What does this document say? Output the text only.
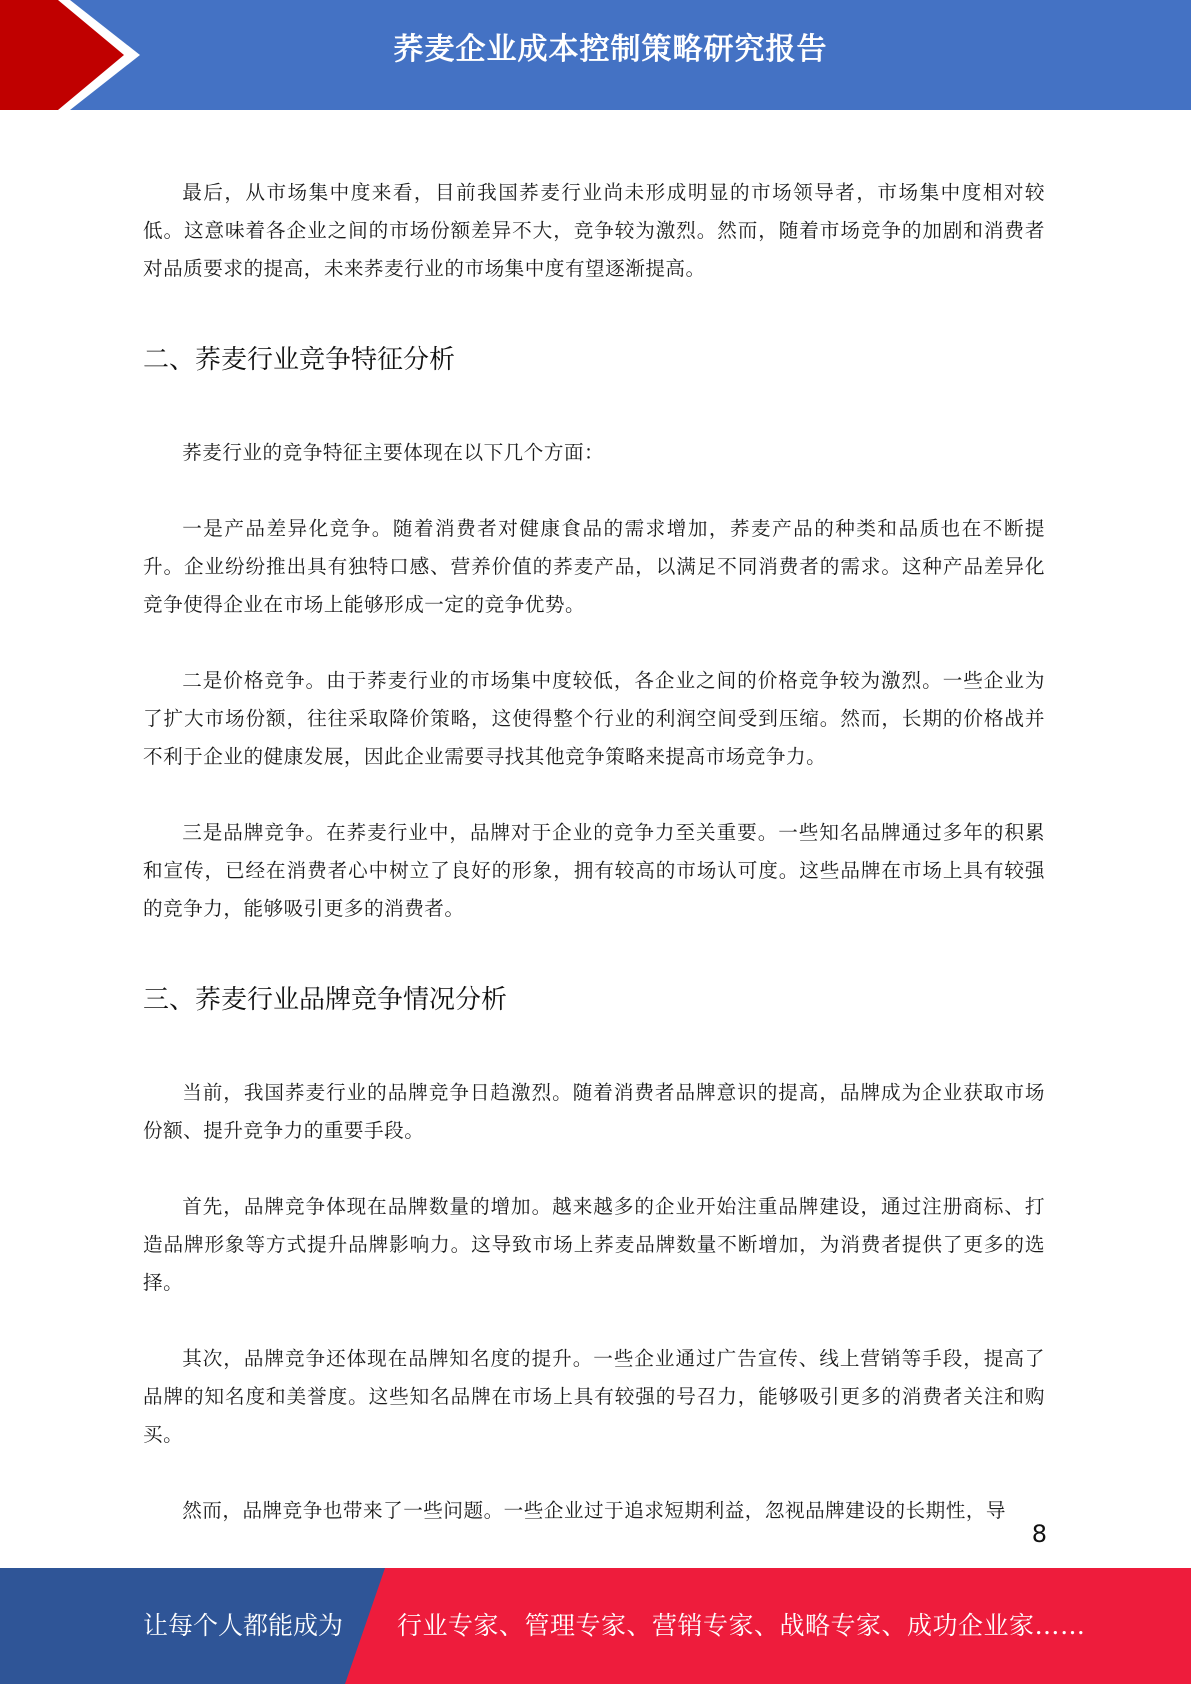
荞麦企业成本控制策略研究报告

最后，从市场集中度来看，目前我国荞麦行业尚未形成明显的市场领导者，市场集中度相对较低。这意味着各企业之间的市场份额差异不大，竞争较为激烈。然而，随着市场竞争的加剧和消费者对品质要求的提高，未来荞麦行业的市场集中度有望逐渐提高。

二、荞麦行业竞争特征分析

荞麦行业的竞争特征主要体现在以下几个方面：

一是产品差异化竞争。随着消费者对健康食品的需求增加，荞麦产品的种类和品质也在不断提升。企业纷纷推出具有独特口感、营养价值的荞麦产品，以满足不同消费者的需求。这种产品差异化竞争使得企业在市场上能够形成一定的竞争优势。

二是价格竞争。由于荞麦行业的市场集中度较低，各企业之间的价格竞争较为激烈。一些企业为了扩大市场份额，往往采取降价策略，这使得整个行业的利润空间受到压缩。然而，长期的价格战并不利于企业的健康发展，因此企业需要寻找其他竞争策略来提高市场竞争力。

三是品牌竞争。在荞麦行业中，品牌对于企业的竞争力至关重要。一些知名品牌通过多年的积累和宣传，已经在消费者心中树立了良好的形象，拥有较高的市场认可度。这些品牌在市场上具有较强的竞争力，能够吸引更多的消费者。

三、荞麦行业品牌竞争情况分析

当前，我国荞麦行业的品牌竞争日趋激烈。随着消费者品牌意识的提高，品牌成为企业获取市场份额、提升竞争力的重要手段。

首先，品牌竞争体现在品牌数量的增加。越来越多的企业开始注重品牌建设，通过注册商标、打造品牌形象等方式提升品牌影响力。这导致市场上荞麦品牌数量不断增加，为消费者提供了更多的选择。

其次，品牌竞争还体现在品牌知名度的提升。一些企业通过广告宣传、线上营销等手段，提高了品牌的知名度和美誉度。这些知名品牌在市场上具有较强的号召力，能够吸引更多的消费者关注和购买。

然而，品牌竞争也带来了一些问题。一些企业过于追求短期利益，忽视品牌建设的长期性，导

8
让每个人都能成为 行业专家、管理专家、营销专家、战略专家、成功企业家……
